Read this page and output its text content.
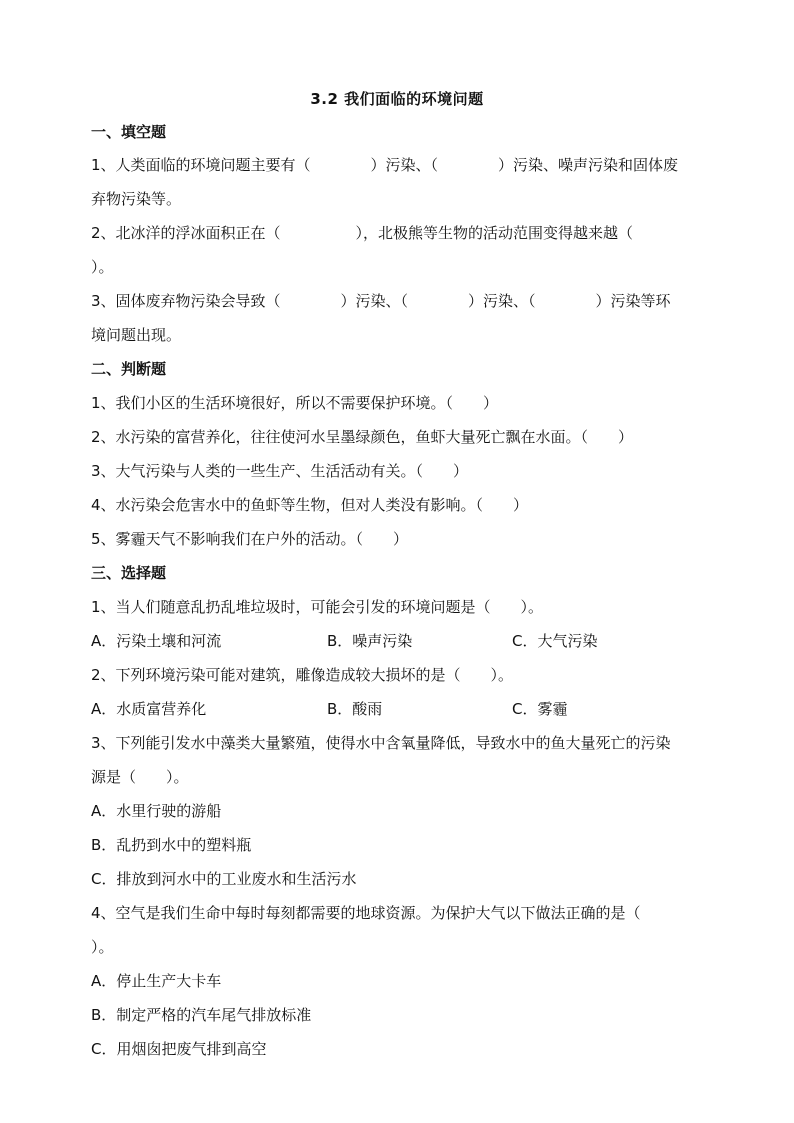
3.2 我们面临的环境问题
一、填空题
1、人类面临的环境问题主要有（　　　　）污染、（　　　　）污染、噪声污染和固体废
弃物污染等。
2、北冰洋的浮冰面积正在（　　　　　），北极熊等生物的活动范围变得越来越（
）。
3、固体废弃物污染会导致（　　　　）污染、（　　　　）污染、（　　　　）污染等环
境问题出现。
二、判断题
1、我们小区的生活环境很好，所以不需要保护环境。（　　）
2、水污染的富营养化，往往使河水呈墨绿颜色，鱼虾大量死亡飘在水面。（　　）
3、大气污染与人类的一些生产、生活活动有关。（　　）
4、水污染会危害水中的鱼虾等生物，但对人类没有影响。（　　）
5、雾霾天气不影响我们在户外的活动。（　　）
三、选择题
1、当人们随意乱扔乱堆垃圾时，可能会引发的环境问题是（　　）。
A．污染土壤和河流	B．噪声污染	C．大气污染
2、下列环境污染可能对建筑，雕像造成较大损坏的是（　　）。
A．水质富营养化	B．酸雨	C．雾霾
3、下列能引发水中藻类大量繁殖，使得水中含氧量降低，导致水中的鱼大量死亡的污染
源是（　　）。
A．水里行驶的游船
B．乱扔到水中的塑料瓶
C．排放到河水中的工业废水和生活污水
4、空气是我们生命中每时每刻都需要的地球资源。为保护大气以下做法正确的是（
）。
A．停止生产大卡车
B．制定严格的汽车尾气排放标准
C．用烟囱把废气排到高空
